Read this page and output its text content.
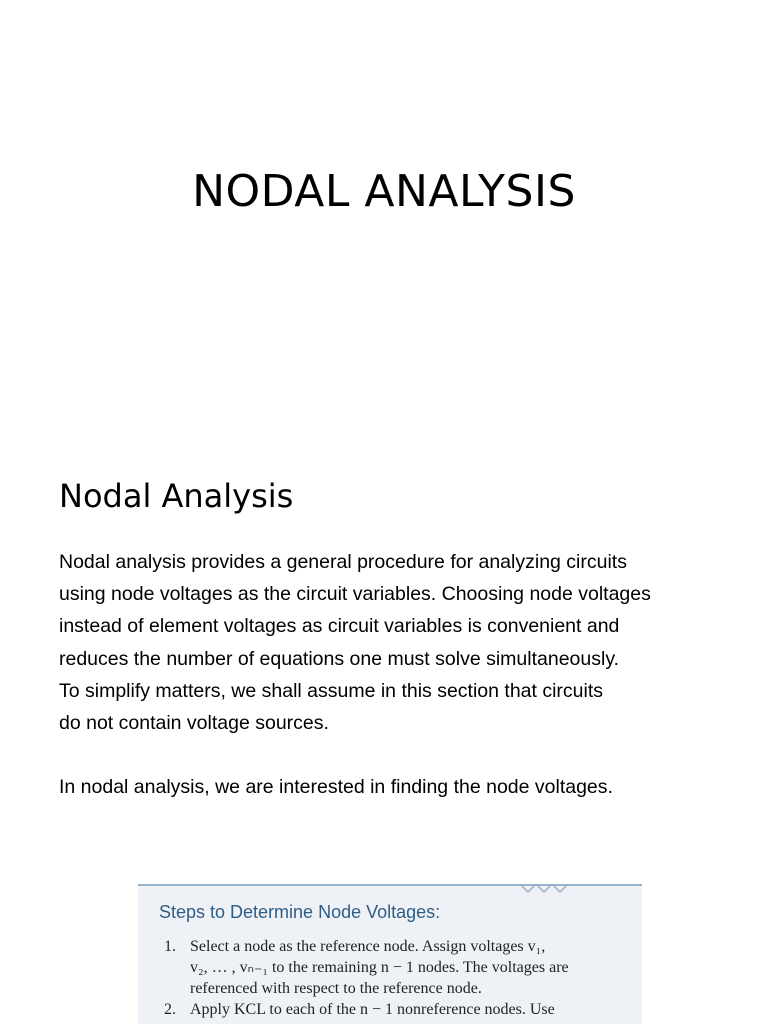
NODAL ANALYSIS
Nodal Analysis

Nodal analysis provides a general procedure for analyzing circuits
using node voltages as the circuit variables. Choosing node voltages
instead of element voltages as circuit variables is convenient and
reduces the number of equations one must solve simultaneously.
To simplify matters, we shall assume in this section that circuits
do not contain voltage sources.

In nodal analysis, we are interested in finding the node voltages.

Steps to Determine Node Voltages:
1. Select a node as the reference node. Assign voltages v₁,
v₂, … , vₙ₋₁ to the remaining n − 1 nodes. The voltages are
referenced with respect to the reference node.
2. Apply KCL to each of the n − 1 nonreference nodes. Use
